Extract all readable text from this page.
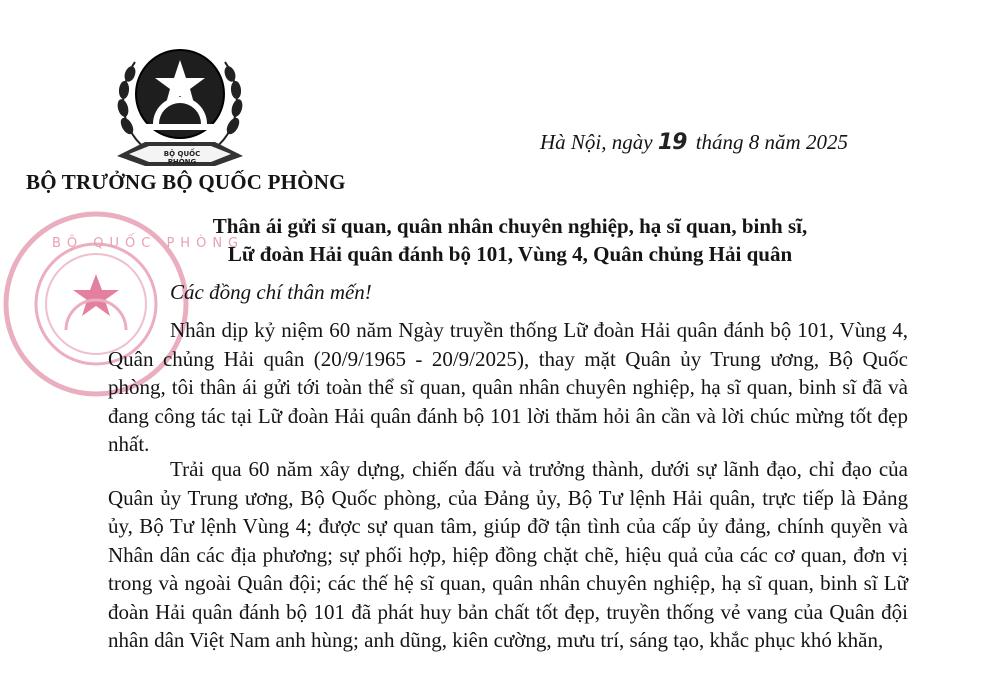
BỘ QUỐC PHÒNG
BỘ QUỐC PHÒNG
BỘ TRƯỞNG BỘ QUỐC PHÒNG
Hà Nội, ngày 19 tháng 8 năm 2025
Thân ái gửi sĩ quan, quân nhân chuyên nghiệp, hạ sĩ quan, binh sĩ,
Lữ đoàn Hải quân đánh bộ 101, Vùng 4, Quân chủng Hải quân
Các đồng chí thân mến!

Nhân dịp kỷ niệm 60 năm Ngày truyền thống Lữ đoàn Hải quân đánh bộ 101, Vùng 4, Quân chủng Hải quân (20/9/1965 - 20/9/2025), thay mặt Quân ủy Trung ương, Bộ Quốc phòng, tôi thân ái gửi tới toàn thể sĩ quan, quân nhân chuyên nghiệp, hạ sĩ quan, binh sĩ đã và đang công tác tại Lữ đoàn Hải quân đánh bộ 101 lời thăm hỏi ân cần và lời chúc mừng tốt đẹp nhất.

Trải qua 60 năm xây dựng, chiến đấu và trưởng thành, dưới sự lãnh đạo, chỉ đạo của Quân ủy Trung ương, Bộ Quốc phòng, của Đảng ủy, Bộ Tư lệnh Hải quân, trực tiếp là Đảng ủy, Bộ Tư lệnh Vùng 4; được sự quan tâm, giúp đỡ tận tình của cấp ủy đảng, chính quyền và Nhân dân các địa phương; sự phối hợp, hiệp đồng chặt chẽ, hiệu quả của các cơ quan, đơn vị trong và ngoài Quân đội; các thế hệ sĩ quan, quân nhân chuyên nghiệp, hạ sĩ quan, binh sĩ Lữ đoàn Hải quân đánh bộ 101 đã phát huy bản chất tốt đẹp, truyền thống vẻ vang của Quân đội nhân dân Việt Nam anh hùng; anh dũng, kiên cường, mưu trí, sáng tạo, khắc phục khó khăn,
